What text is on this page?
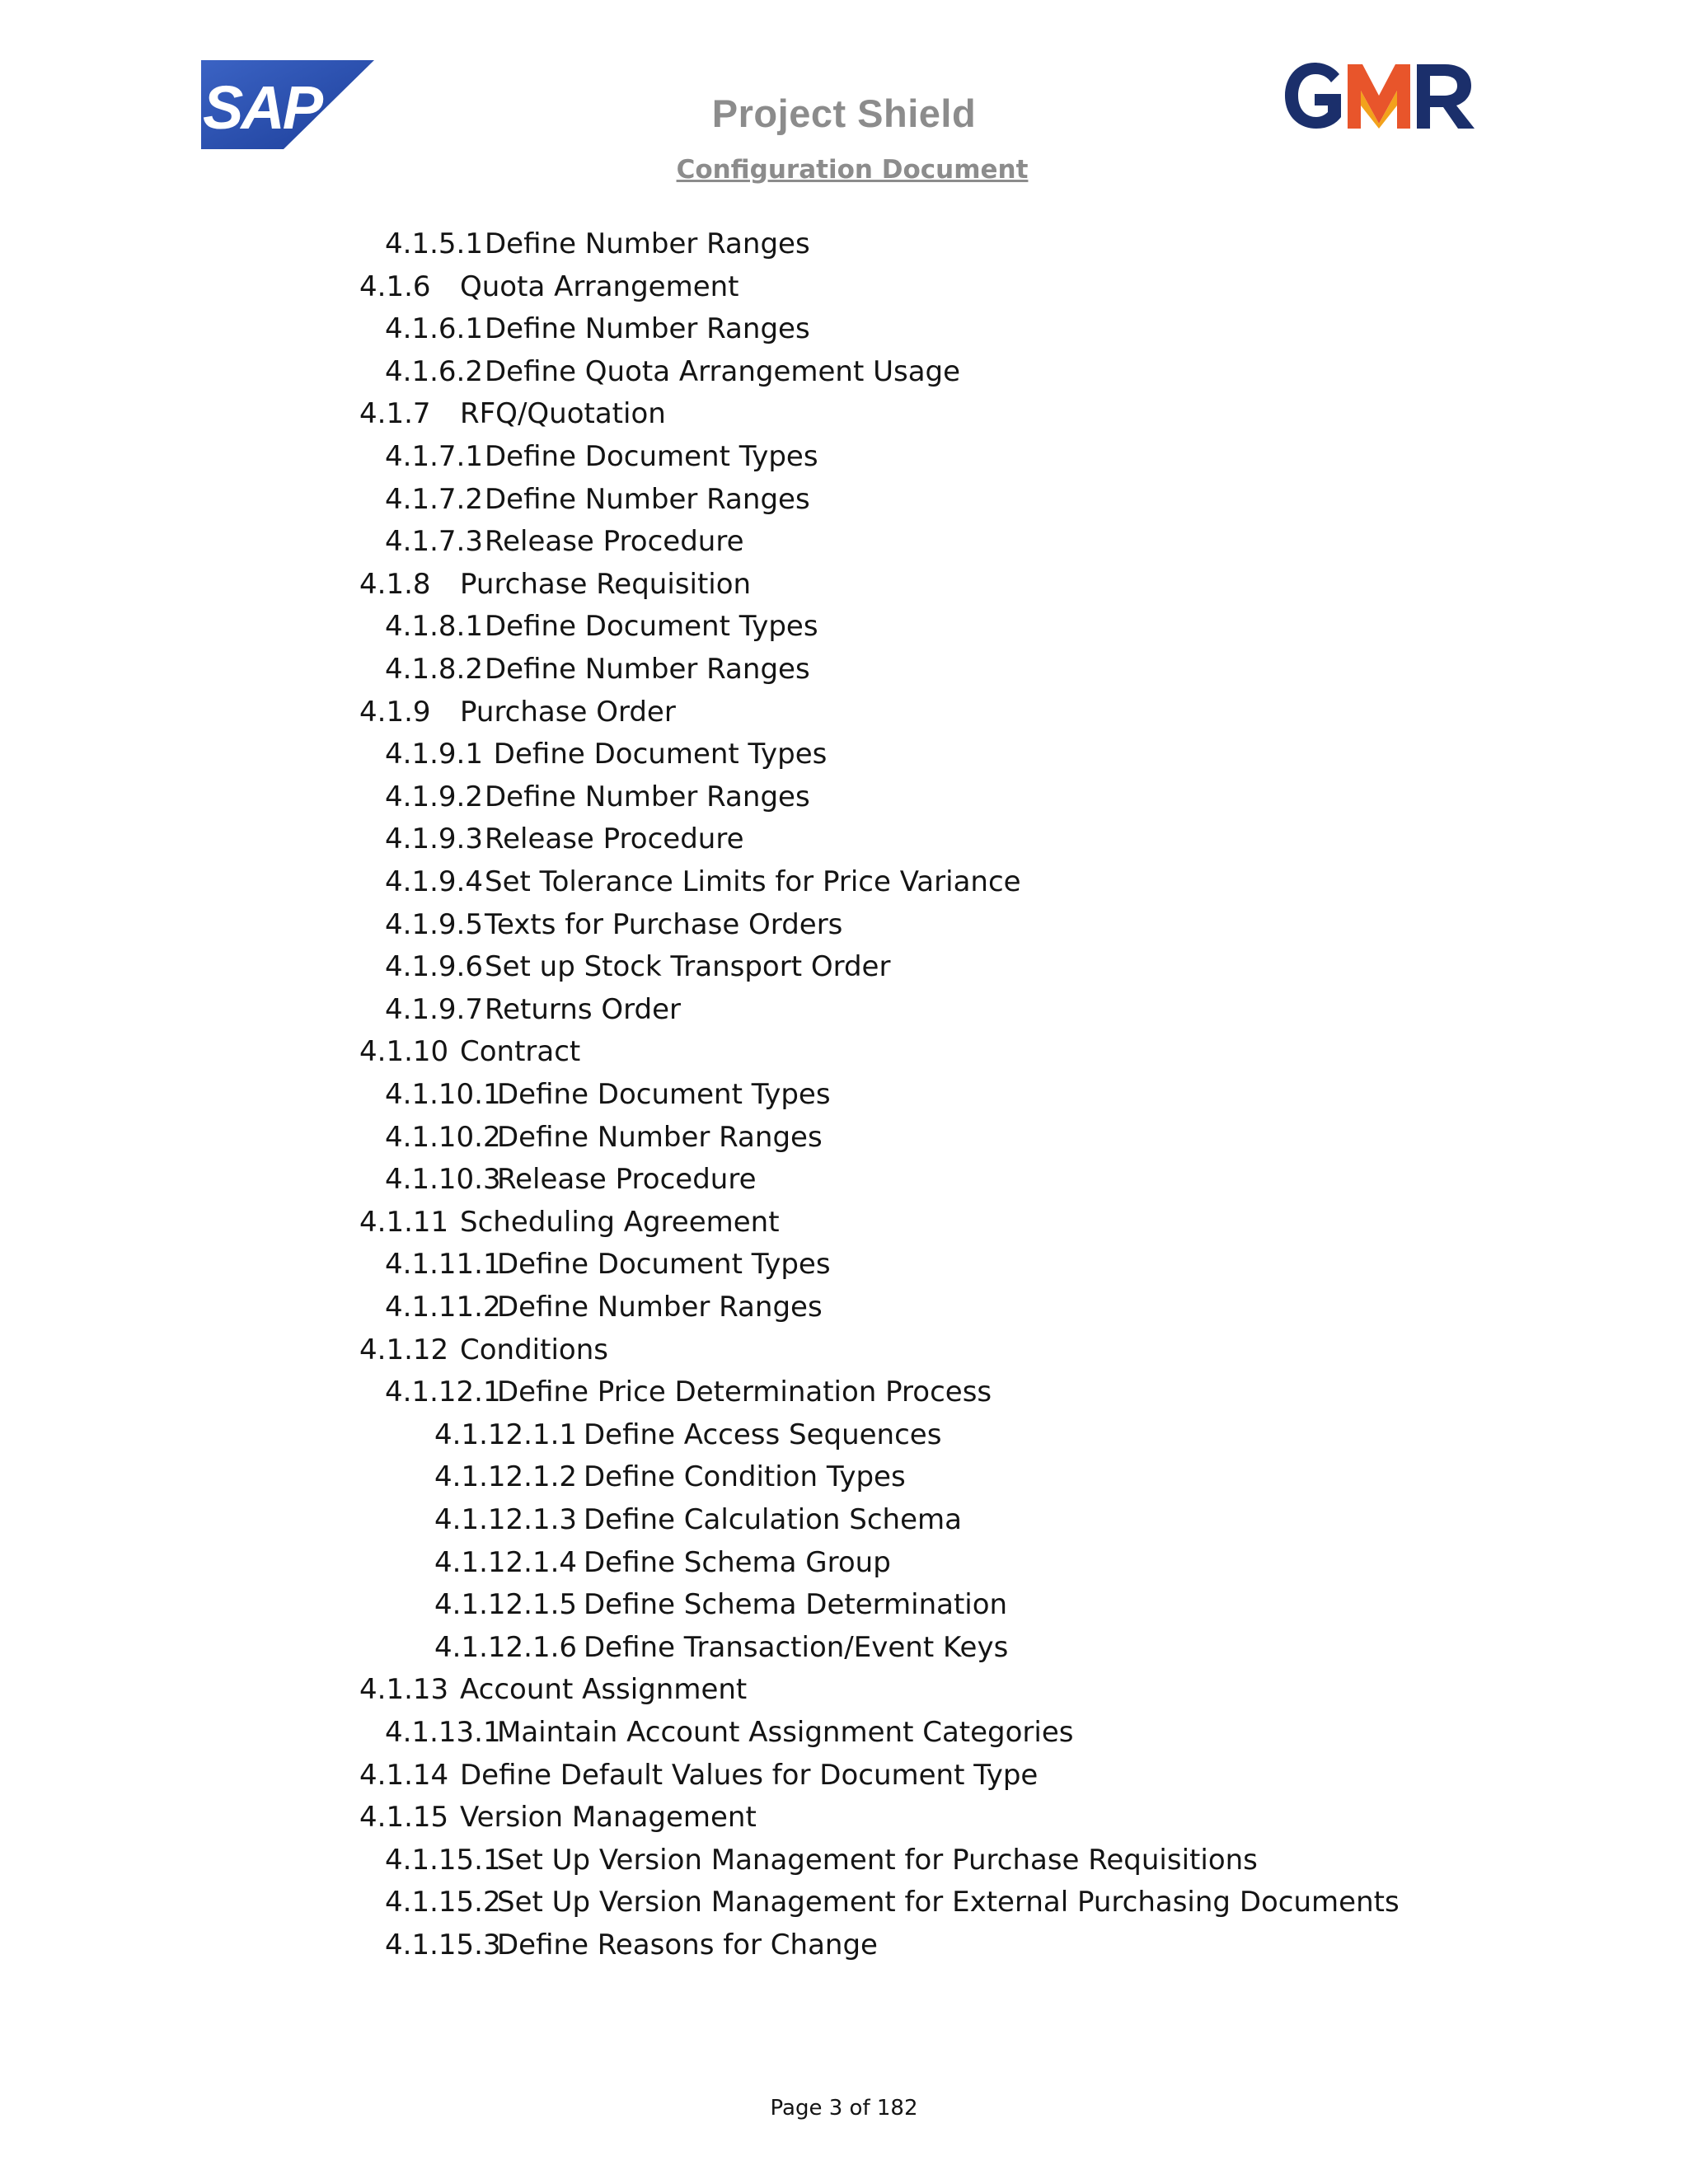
SAP	Project Shield
Configuration Document
4.1.5.1Define Number Ranges
4.1.6 Quota Arrangement
4.1.6.1Define Number Ranges
4.1.6.2Define Quota Arrangement Usage
4.1.7 RFQ/Quotation
4.1.7.1Define Document Types
4.1.7.2Define Number Ranges
4.1.7.3Release Procedure
4.1.8 Purchase Requisition
4.1.8.1Define Document Types
4.1.8.2Define Number Ranges
4.1.9 Purchase Order
4.1.9.1 Define Document Types
4.1.9.2Define Number Ranges
4.1.9.3Release Procedure
4.1.9.4Set Tolerance Limits for Price Variance
4.1.9.5Texts for Purchase Orders
4.1.9.6Set up Stock Transport Order
4.1.9.7Returns Order
4.1.10 Contract
4.1.10.1Define Document Types
4.1.10.2Define Number Ranges
4.1.10.3Release Procedure
4.1.11 Scheduling Agreement
4.1.11.1Define Document Types
4.1.11.2Define Number Ranges
4.1.12 Conditions
4.1.12.1Define Price Determination Process
4.1.12.1.1 Define Access Sequences
4.1.12.1.2 Define Condition Types
4.1.12.1.3 Define Calculation Schema
4.1.12.1.4 Define Schema Group
4.1.12.1.5 Define Schema Determination
4.1.12.1.6 Define Transaction/Event Keys
4.1.13 Account Assignment
4.1.13.1Maintain Account Assignment Categories
4.1.14 Define Default Values for Document Type
4.1.15 Version Management
4.1.15.1Set Up Version Management for Purchase Requisitions
4.1.15.2Set Up Version Management for External Purchasing Documents
4.1.15.3Define Reasons for Change
Page 3 of 182
